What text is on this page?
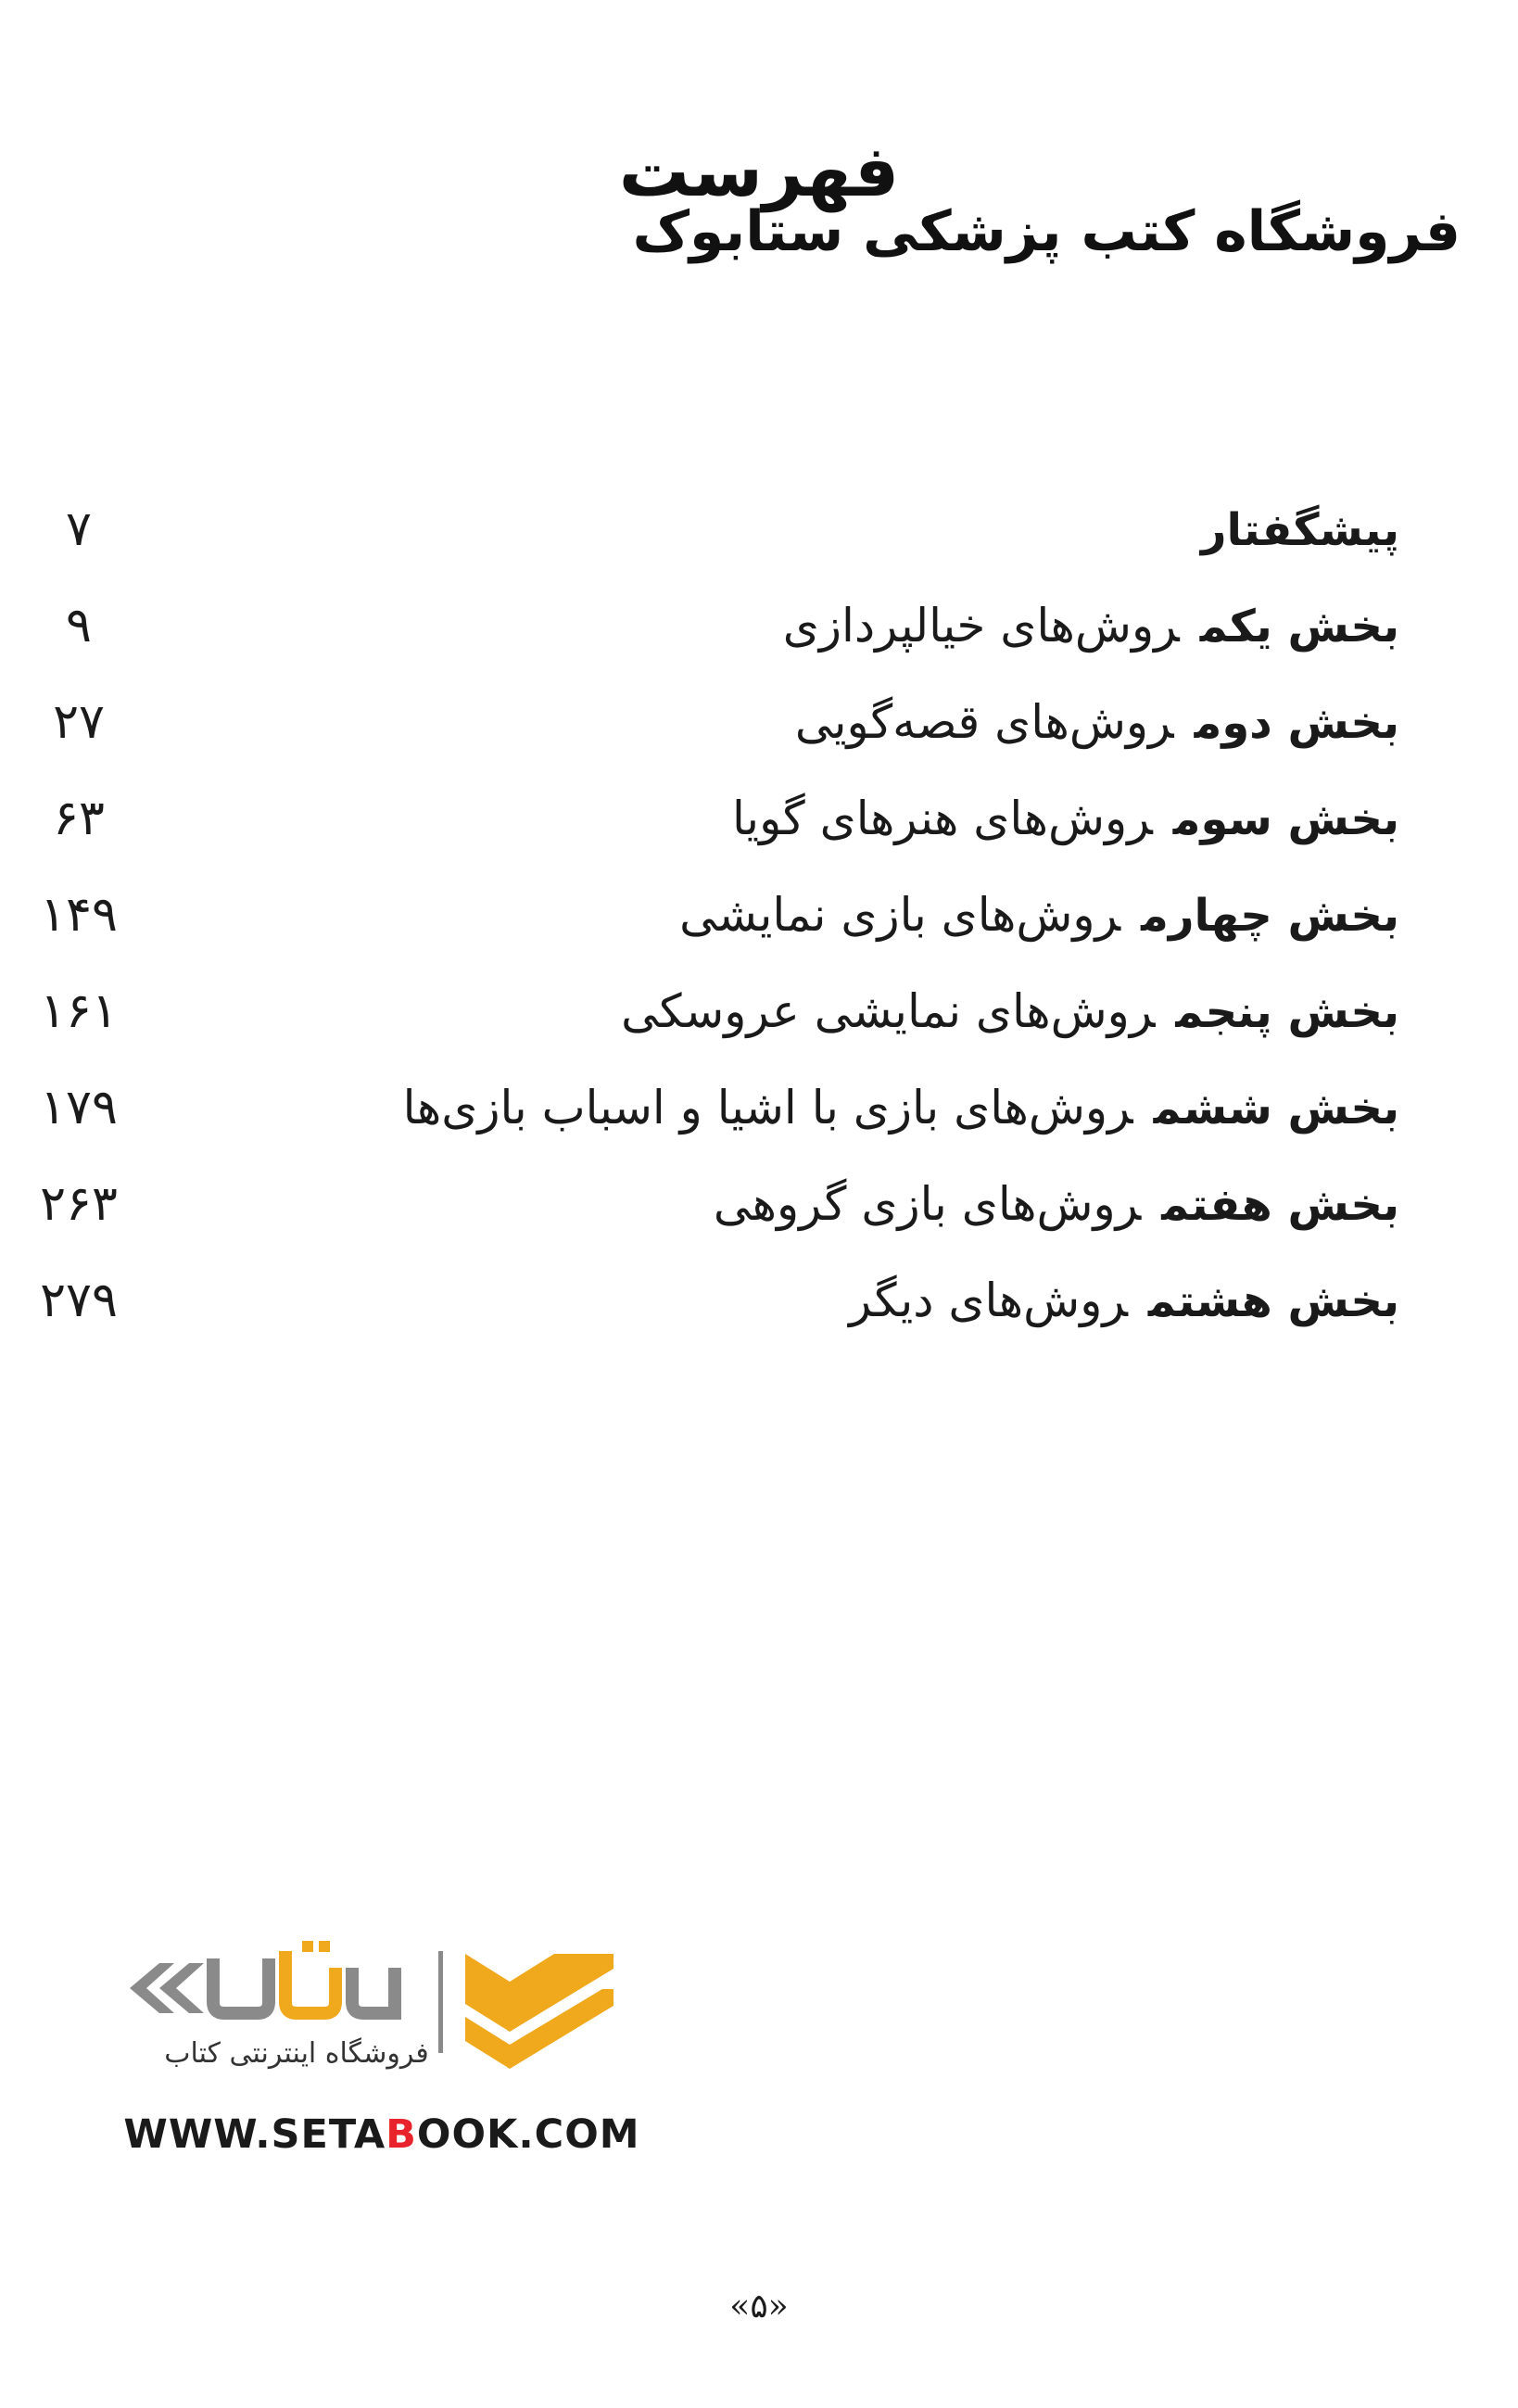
فهرست
فروشگاه کتب پزشکی ستابوک
پیشگفتار
۷
بخش یکمروش‌های خیالپردازی
۹
بخش دومروش‌های قصه‌گویی
۲۷
بخش سومروش‌های هنرهای گویا
۶۳
بخش چهارمروش‌های بازی نمایشی
۱۴۹
بخش پنجمروش‌های نمایشی عروسکی
۱۶۱
بخش ششمروش‌های بازی با اشیا و اسباب بازی‌ها
۱۷۹
بخش هفتمروش‌های بازی گروهی
۲۶۳
بخش هشتمروش‌های دیگر
۲۷۹
فروشگاه اینترنتی کتاب
WWW.SETABOOK.COM
«۵»
